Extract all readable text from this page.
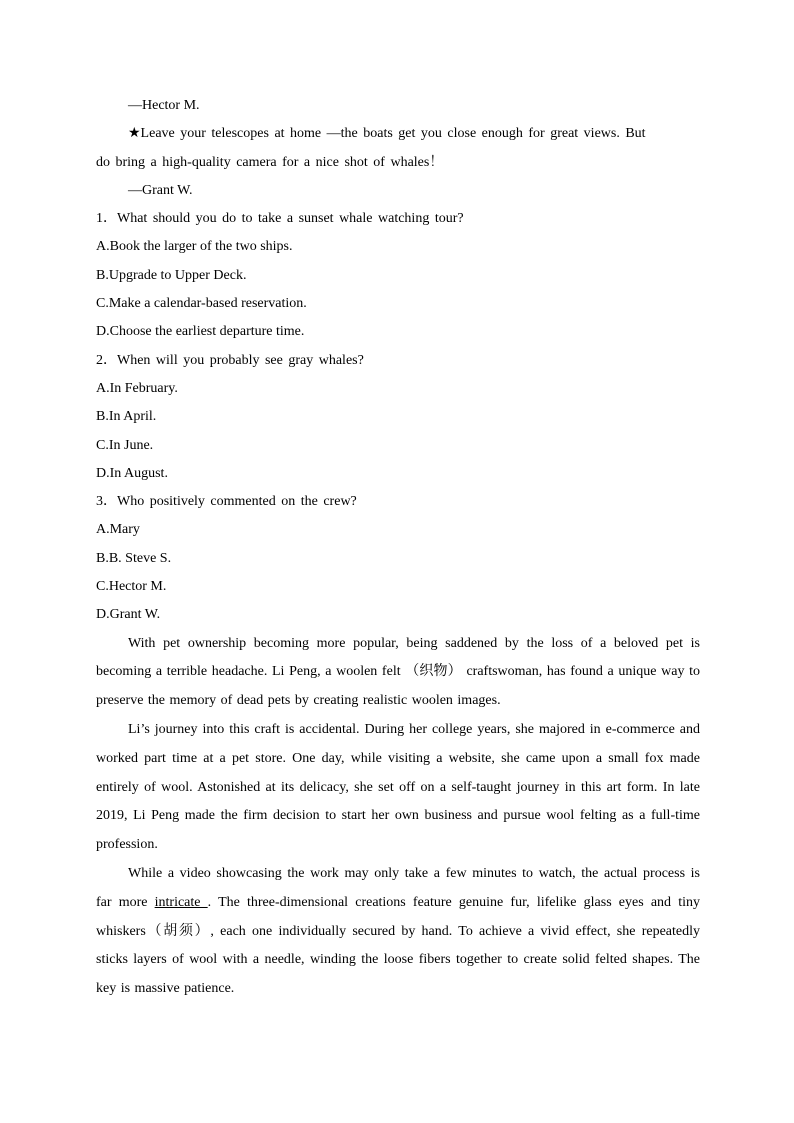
—Hector M.
★Leave your telescopes at home —the boats get you close enough for great views. But
do bring a high-quality camera for a nice shot of whales！
—Grant W.
1．What should you do to take a sunset whale watching tour?
A.Book the larger of the two ships.
B.Upgrade to Upper Deck.
C.Make a calendar-based reservation.
D.Choose the earliest departure time.
2．When will you probably see gray whales?
A.In February.
B.In April.
C.In June.
D.In August.
3．Who positively commented on the crew?
A.Mary
B.B. Steve S.
C.Hector M.
D.Grant W.
With pet ownership becoming more popular, being saddened by the loss of a beloved pet is becoming a terrible headache. Li Peng, a woolen felt （织物） craftswoman, has found a unique way to preserve the memory of dead pets by creating realistic woolen images.
Li’s journey into this craft is accidental. During her college years, she majored in e-commerce and worked part time at a pet store. One day, while visiting a website, she came upon a small fox made entirely of wool. Astonished at its delicacy, she set off on a self-taught journey in this art form. In late 2019, Li Peng made the firm decision to start her own business and pursue wool felting as a full-time profession.
While a video showcasing the work may only take a few minutes to watch, the actual process is far more intricate . The three-dimensional creations feature genuine fur, lifelike glass eyes and tiny whiskers（胡须）, each one individually secured by hand. To achieve a vivid effect, she repeatedly sticks layers of wool with a needle, winding the loose fibers together to create solid felted shapes. The key is massive patience.
